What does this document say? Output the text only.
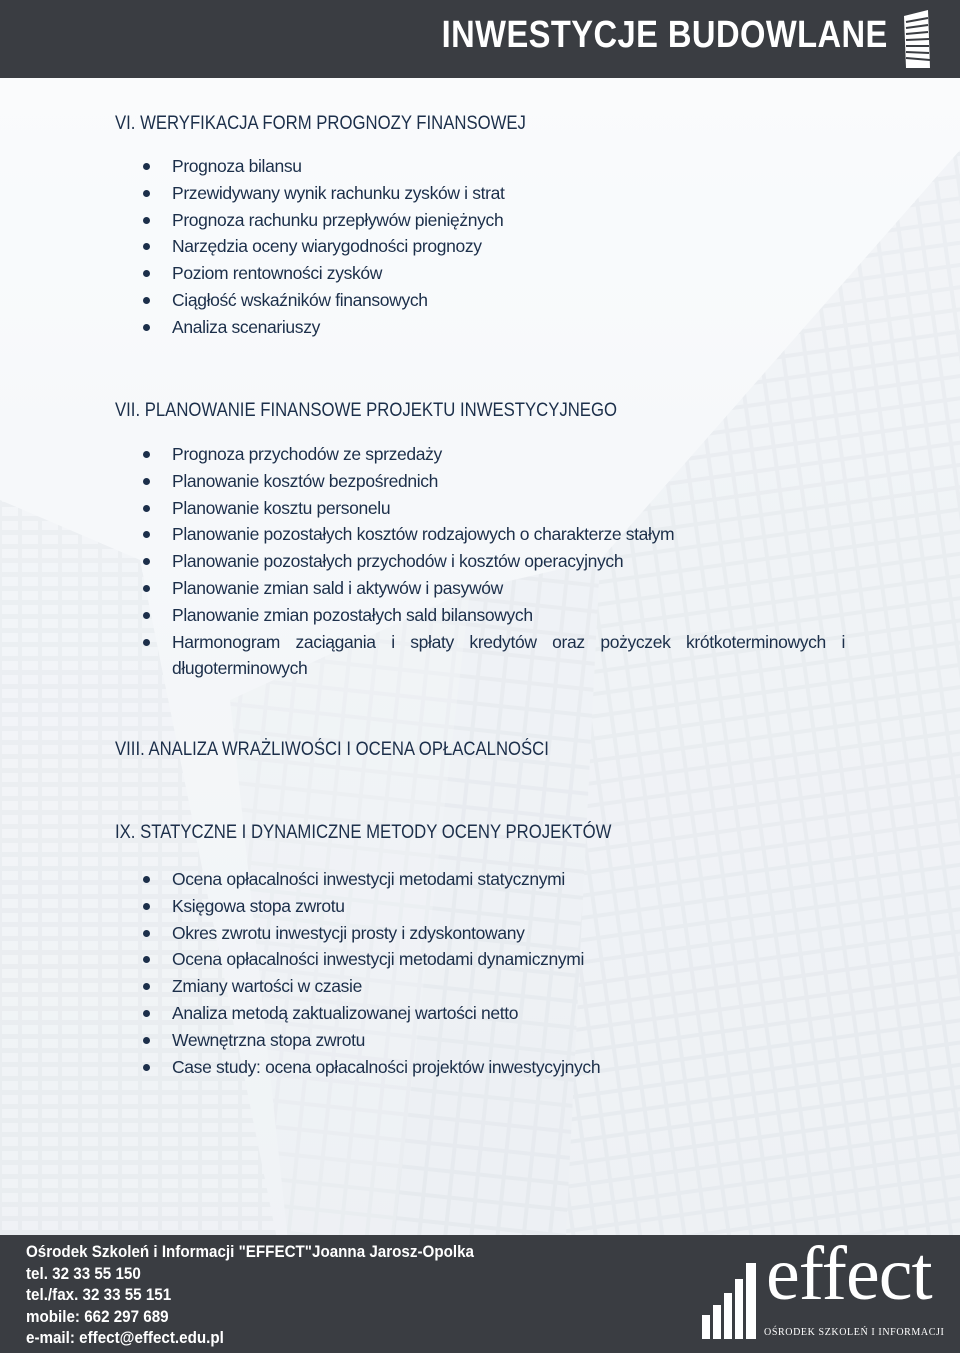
INWESTYCJE BUDOWLANE
VI. WERYFIKACJA FORM PROGNOZY FINANSOWEJ
Prognoza bilansu
Przewidywany wynik rachunku zysków i strat
Prognoza rachunku przepływów pieniężnych
Narzędzia oceny wiarygodności prognozy
Poziom rentowności zysków
Ciągłość wskaźników finansowych
Analiza scenariuszy
VII. PLANOWANIE FINANSOWE PROJEKTU INWESTYCYJNEGO
Prognoza przychodów ze sprzedaży
Planowanie kosztów bezpośrednich
Planowanie kosztu personelu
Planowanie pozostałych kosztów rodzajowych o charakterze stałym
Planowanie pozostałych przychodów i kosztów operacyjnych
Planowanie zmian sald i aktywów i pasywów
Planowanie zmian pozostałych sald bilansowych
Harmonogram zaciągania i spłaty kredytów oraz pożyczek krótkoterminowych i długoterminowych
VIII. ANALIZA WRAŻLIWOŚCI I OCENA OPŁACALNOŚCI
IX. STATYCZNE I DYNAMICZNE METODY OCENY PROJEKTÓW
Ocena opłacalności inwestycji metodami statycznymi
Księgowa stopa zwrotu
Okres zwrotu inwestycji prosty i zdyskontowany
Ocena opłacalności inwestycji metodami dynamicznymi
Zmiany wartości w czasie
Analiza metodą zaktualizowanej wartości netto
Wewnętrzna stopa zwrotu
Case study: ocena opłacalności projektów inwestycyjnych
Ośrodek Szkoleń i Informacji "EFFECT"Joanna Jarosz-Opolka
tel. 32 33 55 150
tel./fax. 32 33 55 151
mobile: 662 297 689
e-mail: effect@effect.edu.pl
effect
OŚRODEK SZKOLEŃ I INFORMACJI
